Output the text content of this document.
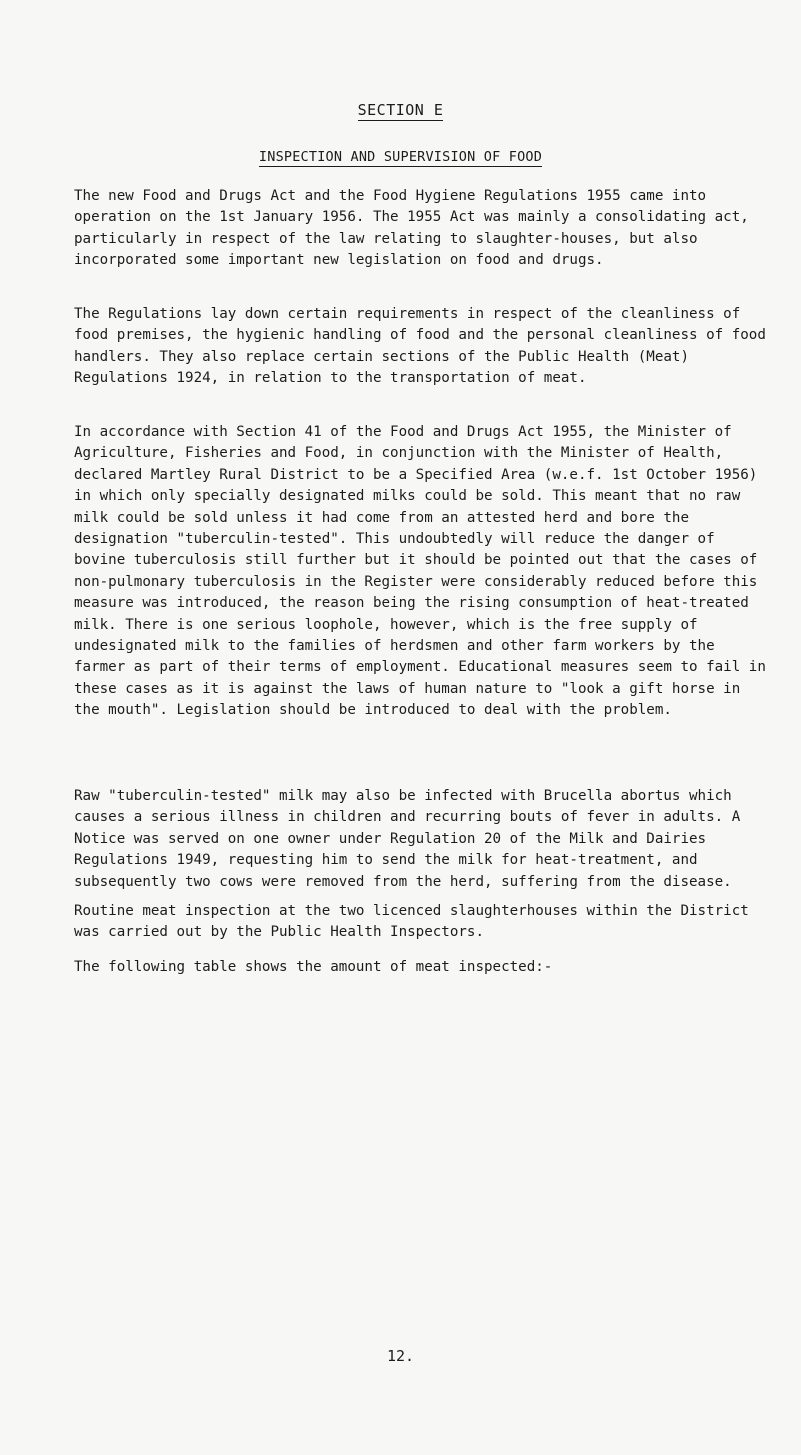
SECTION E
INSPECTION AND SUPERVISION OF FOOD

The new Food and Drugs Act and the Food Hygiene Regulations 1955 came into operation on the 1st January 1956. The 1955 Act was mainly a consolidating act, particularly in respect of the law relating to slaughter-houses, but also incorporated some important new legislation on food and drugs.

The Regulations lay down certain requirements in respect of the cleanliness of food premises, the hygienic handling of food and the personal cleanliness of food handlers. They also replace certain sections of the Public Health (Meat) Regulations 1924, in relation to the transportation of meat.

In accordance with Section 41 of the Food and Drugs Act 1955, the Minister of Agriculture, Fisheries and Food, in conjunction with the Minister of Health, declared Martley Rural District to be a Specified Area (w.e.f. 1st October 1956) in which only specially designated milks could be sold. This meant that no raw milk could be sold unless it had come from an attested herd and bore the designation "tuberculin-tested". This undoubtedly will reduce the danger of bovine tuberculosis still further but it should be pointed out that the cases of non-pulmonary tuberculosis in the Register were considerably reduced before this measure was introduced, the reason being the rising consumption of heat-treated milk. There is one serious loophole, however, which is the free supply of undesignated milk to the families of herdsmen and other farm workers by the farmer as part of their terms of employment. Educational measures seem to fail in these cases as it is against the laws of human nature to "look a gift horse in the mouth". Legislation should be introduced to deal with the problem.

Raw "tuberculin-tested" milk may also be infected with Brucella abortus which causes a serious illness in children and recurring bouts of fever in adults. A Notice was served on one owner under Regulation 20 of the Milk and Dairies Regulations 1949, requesting him to send the milk for heat-treatment, and subsequently two cows were removed from the herd, suffering from the disease.

Routine meat inspection at the two licenced slaughterhouses within the District was carried out by the Public Health Inspectors.

The following table shows the amount of meat inspected:-

12.
